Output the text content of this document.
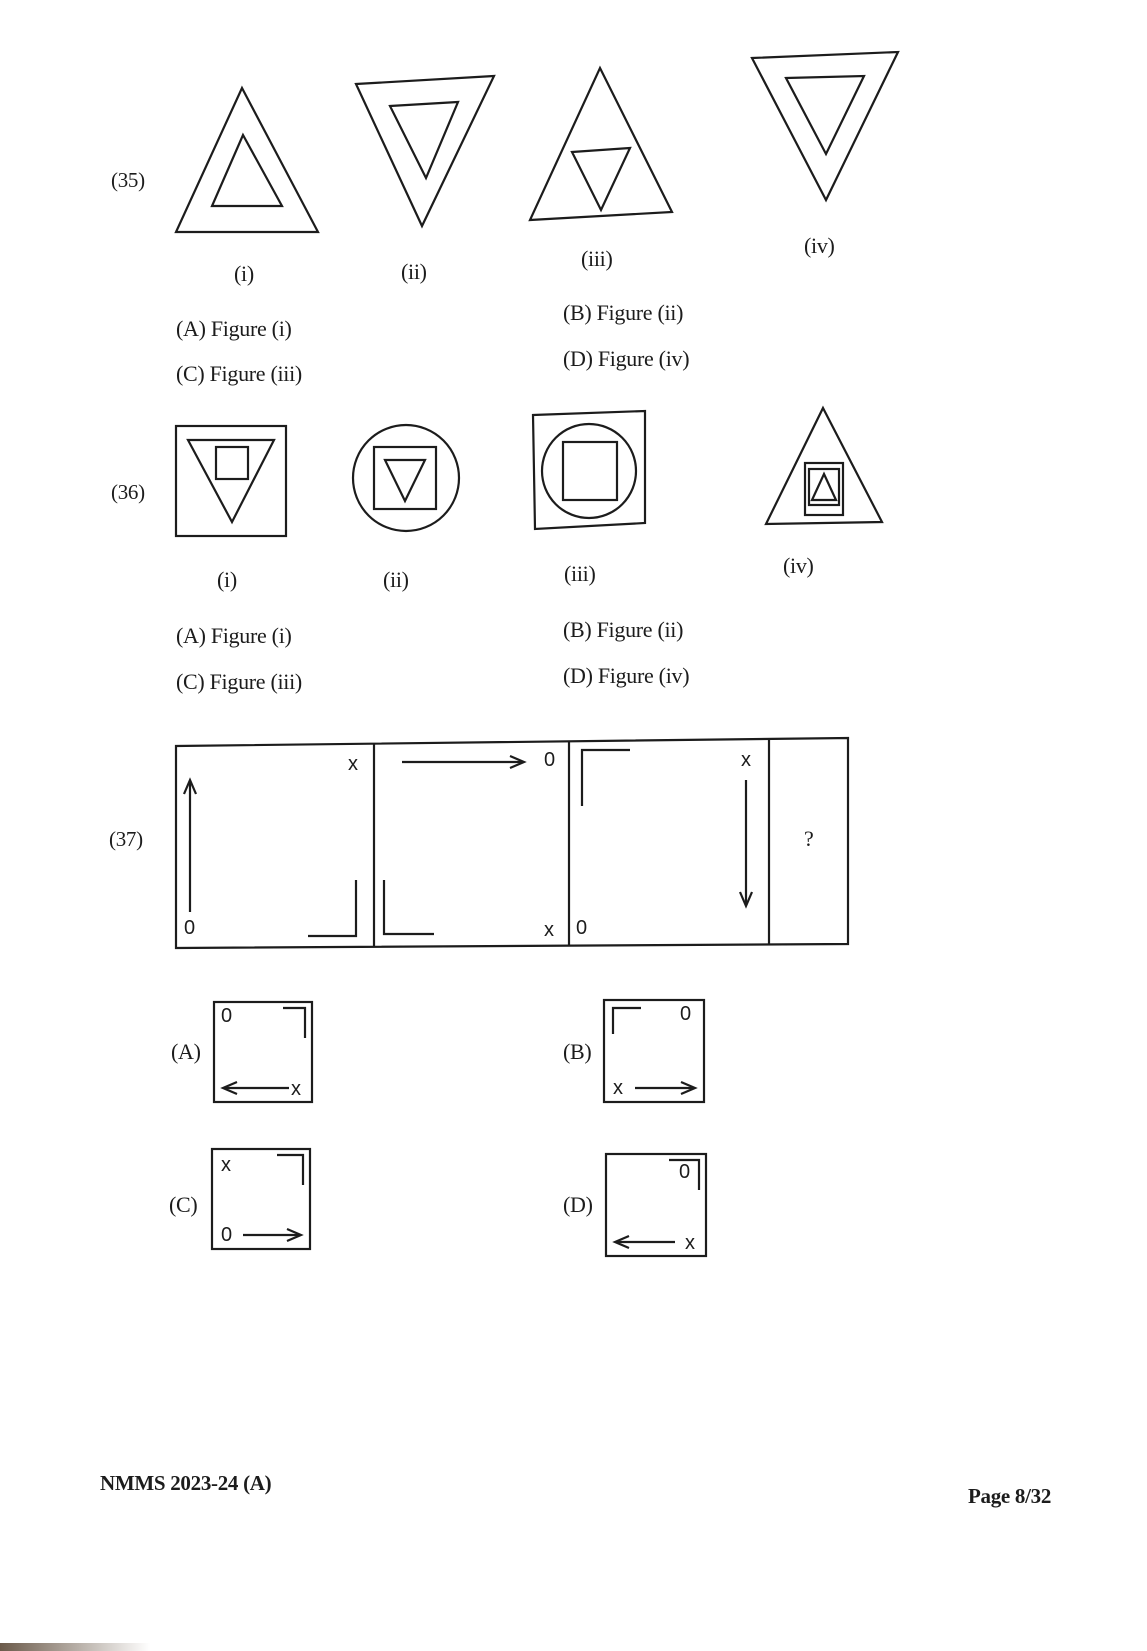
(35)
(i)	(ii)
(iii)
(iv)
(A) Figure (i)
(B) Figure (ii)
(C) Figure (iii)
(D) Figure (iv)
(36)
(i)	(ii)	(iii)	(iv)
(A) Figure (i)	(B) Figure (ii)
(C) Figure (iii)	(D) Figure (iv)
(37)
x
0
0
x
x
0
?
(A)
0
x
(B)
0
x
(C)
x
0
(D)
0
x
NMMS 2023-24 (A)
Page 8/32
